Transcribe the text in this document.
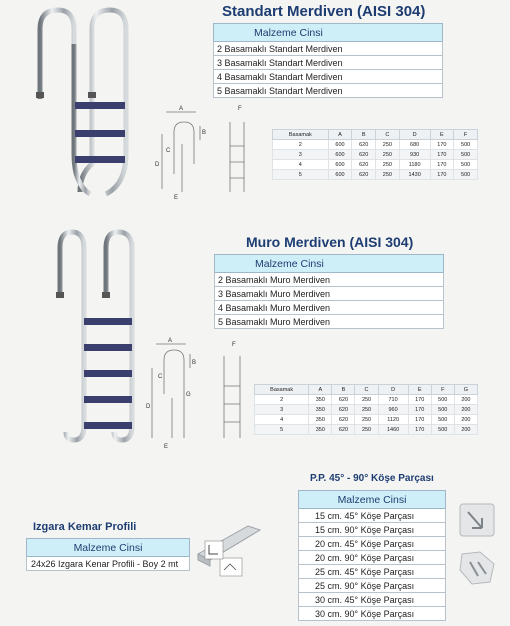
Standart Merdiven (AISI 304)
Malzeme Cinsi
2 Basamaklı Standart Merdiven
3 Basamaklı Standart Merdiven
4 Basamaklı Standart Merdiven
5 Basamaklı Standart Merdiven
A
B
C
D
E
F
Basamak	A	B	C	D	E	F
2	600	620	250	680	170	500
3	600	620	250	930	170	500
4	600	620	250	1180	170	500
5	600	620	250	1430	170	500
Muro Merdiven (AISI 304)
Malzeme Cinsi
2 Basamaklı Muro Merdiven
3 Basamaklı Muro Merdiven
4 Basamaklı Muro Merdiven
5 Basamaklı Muro Merdiven
A
B
C
D
E
F
G
Basamak	A	B	C	D	E	F	G
2	350	620	250	710	170	500	200
3	350	620	250	960	170	500	200
4	350	620	250	1120	170	500	200
5	350	620	250	1460	170	500	200
P.P. 45° - 90° Köşe Parçası
Malzeme Cinsi
15 cm. 45° Köşe Parçası
15 cm. 90° Köşe Parçası
20 cm. 45° Köşe Parçası
20 cm. 90° Köşe Parçası
25 cm. 45° Köşe Parçası
25 cm. 90° Köşe Parçası
30 cm. 45° Köşe Parçası
30 cm. 90° Köşe Parçası
Izgara Kemar Profili
Malzeme Cinsi
24x26 Izgara Kenar Profili - Boy 2 mt
